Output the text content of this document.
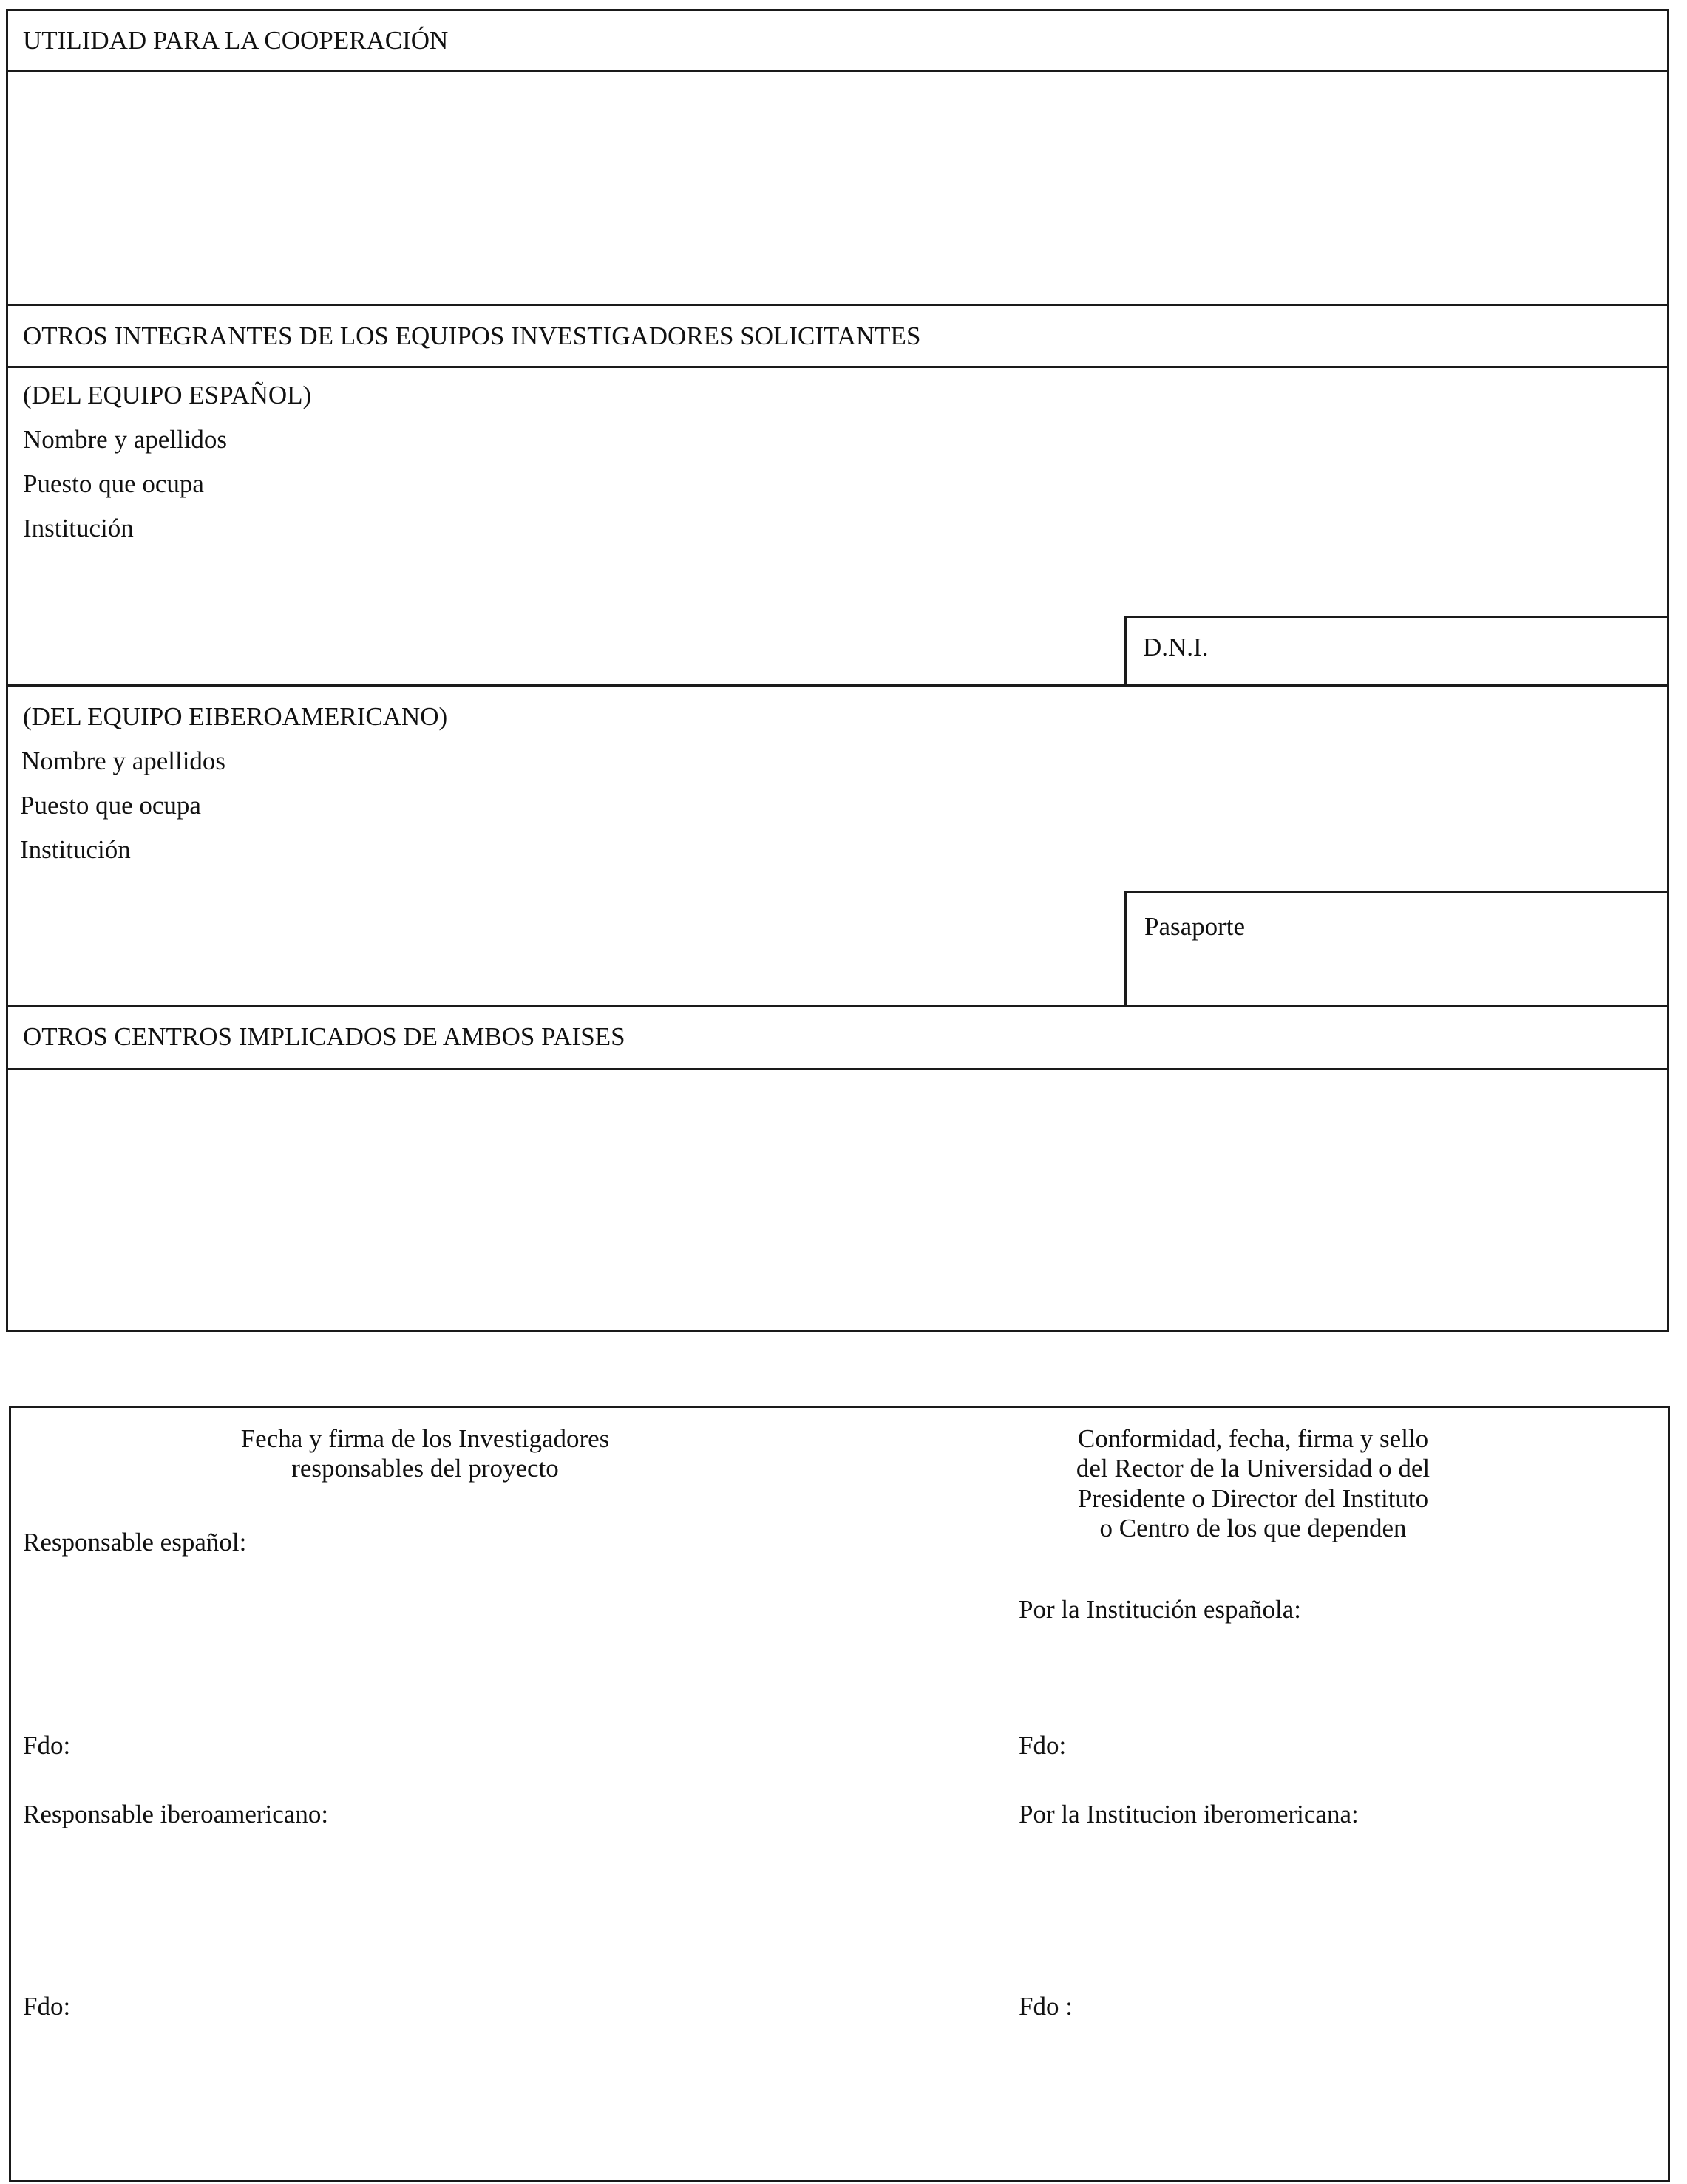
UTILIDAD PARA LA COOPERACIÓN
OTROS INTEGRANTES DE LOS EQUIPOS INVESTIGADORES SOLICITANTES
(DEL EQUIPO ESPAÑOL)
Nombre y apellidos
Puesto que ocupa
Institución
D.N.I.
(DEL EQUIPO EIBEROAMERICANO)
Nombre y apellidos
Puesto que ocupa
Institución
Pasaporte
OTROS CENTROS IMPLICADOS DE AMBOS PAISES
Fecha y firma de los Investigadores
responsables del proyecto
Conformidad, fecha, firma y sello
del Rector de la Universidad o del
Presidente o Director del Instituto
o Centro de los que dependen
Responsable español:
Fdo:
Responsable iberoamericano:
Fdo:
Por la Institución española:
Fdo:
Por la Institucion iberomericana:
Fdo :
